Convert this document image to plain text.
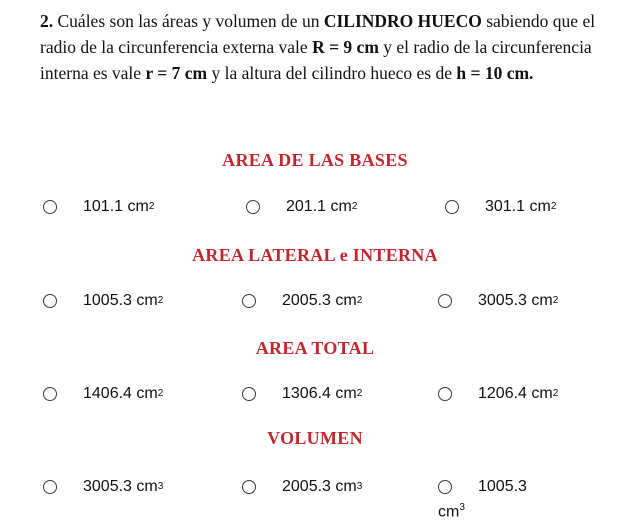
2. Cuáles son las áreas y volumen de un CILINDRO HUECO sabiendo que el radio de la circunferencia externa vale R = 9 cm y el radio de la circunferencia interna es vale r = 7 cm y la altura del cilindro hueco es de h = 10 cm.
AREA DE LAS BASES
101.1 $cm^2$	201.1 $cm^2$	301.1 $cm^2$
AREA LATERAL e INTERNA
1005.3 $cm^2$	2005.3 $cm^2$	3005.3 $cm^2$
AREA TOTAL
1406.4 $cm^2$	1306.4 $cm^2$	1206.4 $cm^2$
VOLUMEN
3005.3 $cm^3$	2005.3 $cm^3$	1005.3
$cm^3$
